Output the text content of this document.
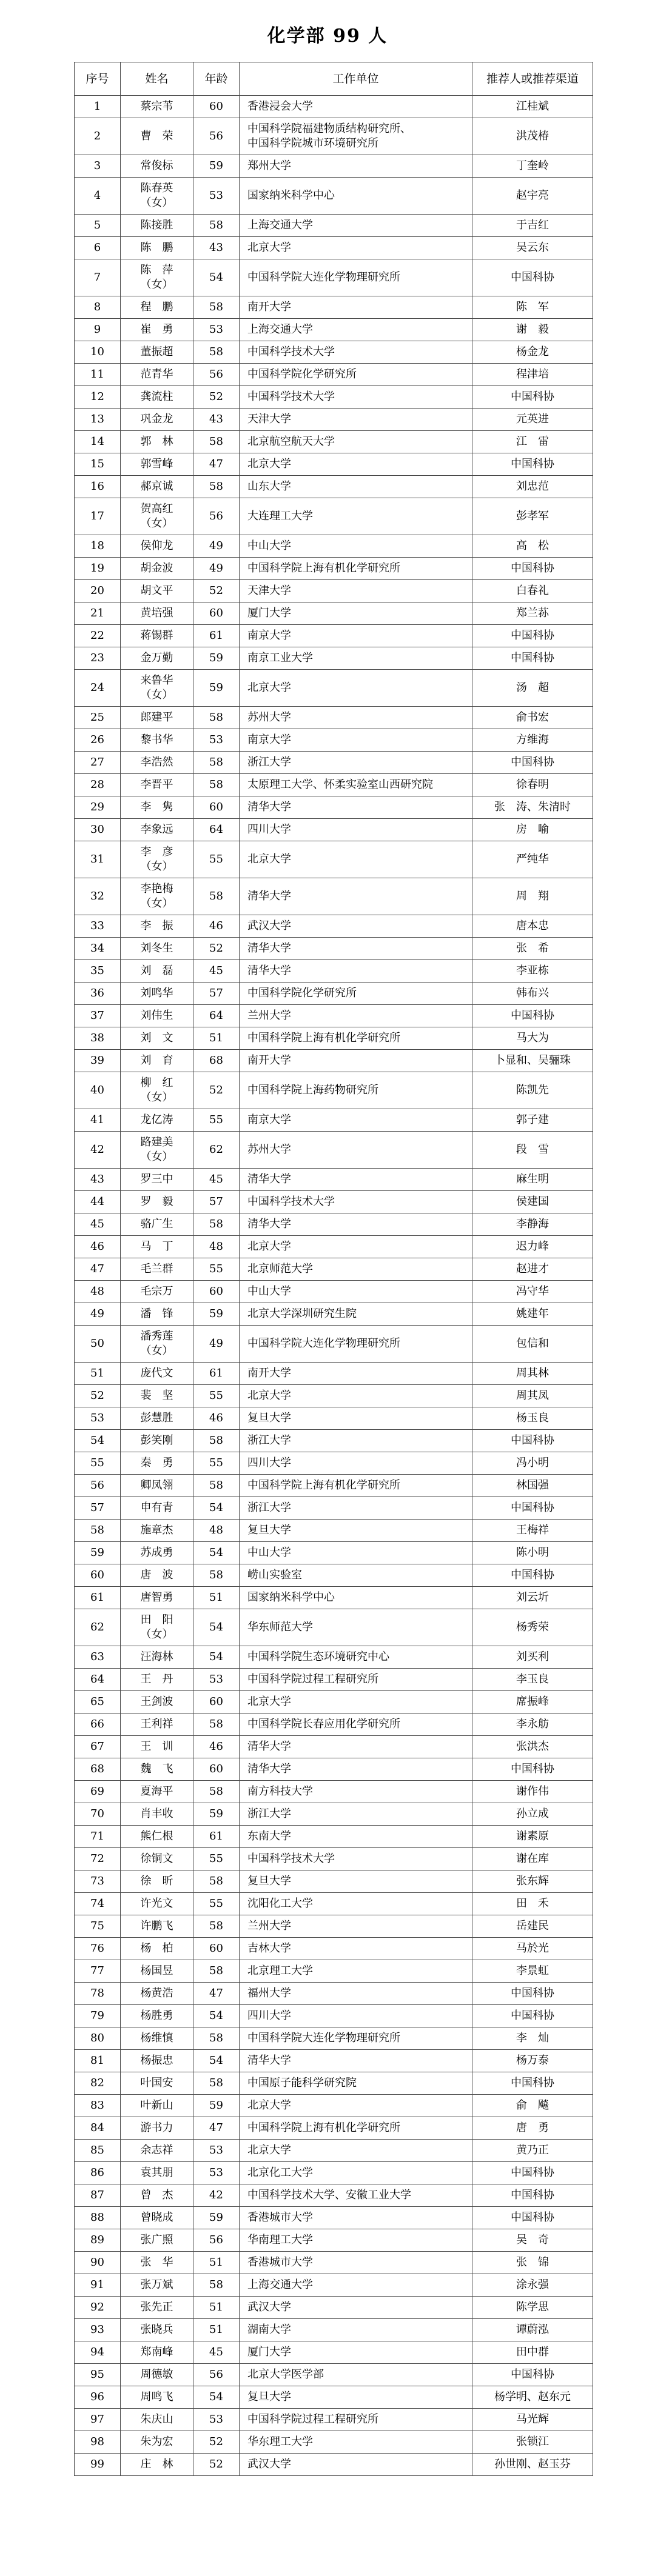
化学部 99 人
序号	姓名	年龄	工作单位	推荐人或推荐渠道

1	蔡宗苇	60	香港浸会大学	江桂斌

2	曹　荣	56	中国科学院福建物质结构研究所、
中国科学院城市环境研究所	洪茂椿

3	常俊标	59	郑州大学	丁奎岭

4	陈春英
（女）	53	国家纳米科学中心	赵宇亮

5	陈接胜	58	上海交通大学	于吉红

6	陈　鹏	43	北京大学	吴云东

7	陈　萍
（女）	54	中国科学院大连化学物理研究所	中国科协

8	程　鹏	58	南开大学	陈　军

9	崔　勇	53	上海交通大学	谢　毅

10	董振超	58	中国科学技术大学	杨金龙

11	范青华	56	中国科学院化学研究所	程津培

12	龚流柱	52	中国科学技术大学	中国科协

13	巩金龙	43	天津大学	元英进

14	郭　林	58	北京航空航天大学	江　雷

15	郭雪峰	47	北京大学	中国科协

16	郝京诚	58	山东大学	刘忠范

17	贺高红
（女）	56	大连理工大学	彭孝军

18	侯仰龙	49	中山大学	高　松

19	胡金波	49	中国科学院上海有机化学研究所	中国科协

20	胡文平	52	天津大学	白春礼

21	黄培强	60	厦门大学	郑兰荪

22	蒋锡群	61	南京大学	中国科协

23	金万勤	59	南京工业大学	中国科协

24	来鲁华
（女）	59	北京大学	汤　超

25	郎建平	58	苏州大学	俞书宏

26	黎书华	53	南京大学	方维海

27	李浩然	58	浙江大学	中国科协

28	李晋平	58	太原理工大学、怀柔实验室山西研究院	徐春明

29	李　隽	60	清华大学	张　涛、朱清时

30	李象远	64	四川大学	房　喻

31	李　彦
（女）	55	北京大学	严纯华

32	李艳梅
（女）	58	清华大学	周　翔

33	李　振	46	武汉大学	唐本忠

34	刘冬生	52	清华大学	张　希

35	刘　磊	45	清华大学	李亚栋

36	刘鸣华	57	中国科学院化学研究所	韩布兴

37	刘伟生	64	兰州大学	中国科协

38	刘　文	51	中国科学院上海有机化学研究所	马大为

39	刘　育	68	南开大学	卜显和、吴骊珠

40	柳　红
（女）	52	中国科学院上海药物研究所	陈凯先

41	龙亿涛	55	南京大学	郭子建

42	路建美
（女）	62	苏州大学	段　雪

43	罗三中	45	清华大学	麻生明

44	罗　毅	57	中国科学技术大学	侯建国

45	骆广生	58	清华大学	李静海

46	马　丁	48	北京大学	迟力峰

47	毛兰群	55	北京师范大学	赵进才

48	毛宗万	60	中山大学	冯守华

49	潘　锋	59	北京大学深圳研究生院	姚建年

50	潘秀莲
（女）	49	中国科学院大连化学物理研究所	包信和

51	庞代文	61	南开大学	周其林

52	裴　坚	55	北京大学	周其凤

53	彭慧胜	46	复旦大学	杨玉良

54	彭笑刚	58	浙江大学	中国科协

55	秦　勇	55	四川大学	冯小明

56	卿凤翎	58	中国科学院上海有机化学研究所	林国强

57	申有青	54	浙江大学	中国科协

58	施章杰	48	复旦大学	王梅祥

59	苏成勇	54	中山大学	陈小明

60	唐　波	58	崂山实验室	中国科协

61	唐智勇	51	国家纳米科学中心	刘云圻

62	田　阳
（女）	54	华东师范大学	杨秀荣

63	汪海林	54	中国科学院生态环境研究中心	刘买利

64	王　丹	53	中国科学院过程工程研究所	李玉良

65	王剑波	60	北京大学	席振峰

66	王利祥	58	中国科学院长春应用化学研究所	李永舫

67	王　训	46	清华大学	张洪杰

68	魏　飞	60	清华大学	中国科协

69	夏海平	58	南方科技大学	谢作伟

70	肖丰收	59	浙江大学	孙立成

71	熊仁根	61	东南大学	谢素原

72	徐铜文	55	中国科学技术大学	谢在库

73	徐　昕	58	复旦大学	张东辉

74	许光文	55	沈阳化工大学	田　禾

75	许鹏飞	58	兰州大学	岳建民

76	杨　柏	60	吉林大学	马於光

77	杨国昱	58	北京理工大学	李景虹

78	杨黄浩	47	福州大学	中国科协

79	杨胜勇	54	四川大学	中国科协

80	杨维慎	58	中国科学院大连化学物理研究所	李　灿

81	杨振忠	54	清华大学	杨万泰

82	叶国安	58	中国原子能科学研究院	中国科协

83	叶新山	59	北京大学	俞　飚

84	游书力	47	中国科学院上海有机化学研究所	唐　勇

85	余志祥	53	北京大学	黄乃正

86	袁其朋	53	北京化工大学	中国科协

87	曾　杰	42	中国科学技术大学、安徽工业大学	中国科协

88	曾晓成	59	香港城市大学	中国科协

89	张广照	56	华南理工大学	吴　奇

90	张　华	51	香港城市大学	张　锦

91	张万斌	58	上海交通大学	涂永强

92	张先正	51	武汉大学	陈学思

93	张晓兵	51	湖南大学	谭蔚泓

94	郑南峰	45	厦门大学	田中群

95	周德敏	56	北京大学医学部	中国科协

96	周鸣飞	54	复旦大学	杨学明、赵东元

97	朱庆山	53	中国科学院过程工程研究所	马光辉

98	朱为宏	52	华东理工大学	张锁江

99	庄　林	52	武汉大学	孙世刚、赵玉芬
